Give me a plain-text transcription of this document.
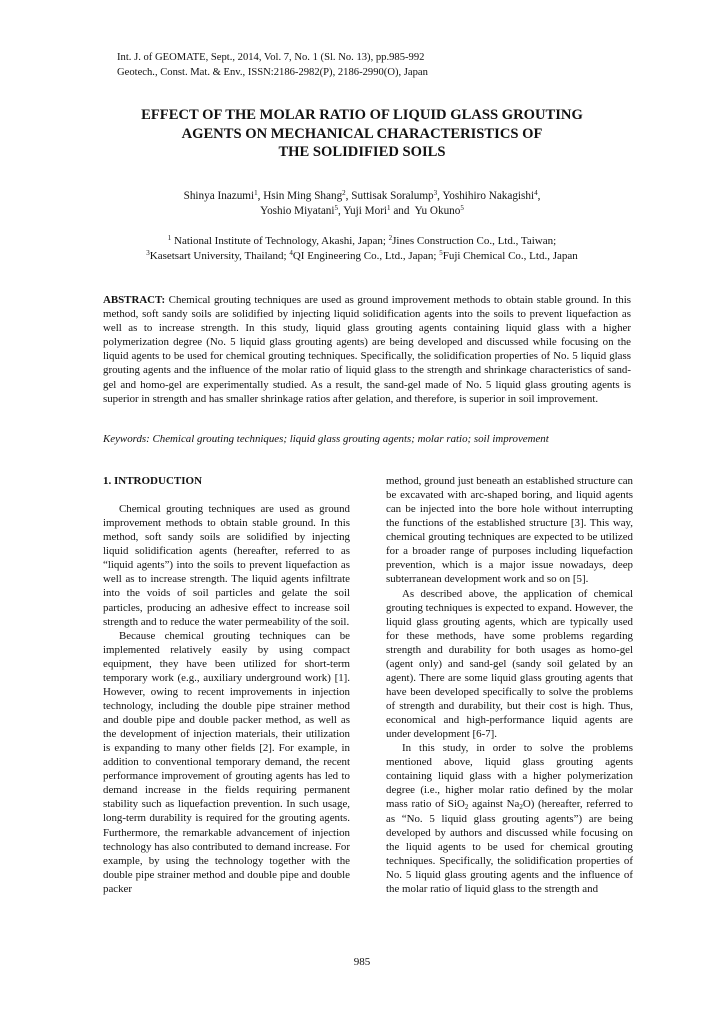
Int. J. of GEOMATE, Sept., 2014, Vol. 7, No. 1 (Sl. No. 13), pp.985-992
Geotech., Const. Mat. & Env., ISSN:2186-2982(P), 2186-2990(O), Japan
EFFECT OF THE MOLAR RATIO OF LIQUID GLASS GROUTING
AGENTS ON MECHANICAL CHARACTERISTICS OF
THE SOLIDIFIED SOILS
Shinya Inazumi$^1$, Hsin Ming Shang$^2$, Suttisak Soralump$^3$, Yoshihiro Nakagishi$^4$,
Yoshio Miyatani$^5$, Yuji Mori$^1$ and  Yu Okuno$^5$
$^1$ National Institute of Technology, Akashi, Japan; $^2$Jines Construction Co., Ltd., Taiwan;
$^3$Kasetsart University, Thailand; $^4$QI Engineering Co., Ltd., Japan; $^5$Fuji Chemical Co., Ltd., Japan
ABSTRACT: Chemical grouting techniques are used as ground improvement methods to obtain stable ground. In this method, soft sandy soils are solidified by injecting liquid solidification agents into the soils to prevent liquefaction as well as to increase strength. In this study, liquid glass grouting agents containing liquid glass with a higher polymerization degree (No. 5 liquid glass grouting agents) are being developed and discussed while focusing on the liquid agents to be used for chemical grouting techniques. Specifically, the solidification properties of No. 5 liquid glass grouting agents and the influence of the molar ratio of liquid glass to the strength and shrinkage characteristics of sand-gel and homo-gel are experimentally studied. As a result, the sand-gel made of No. 5 liquid glass grouting agents is superior in strength and has smaller shrinkage ratios after gelation, and therefore, is superior in soil improvement.
Keywords: Chemical grouting techniques; liquid glass grouting agents; molar ratio; soil improvement
1. INTRODUCTION

Chemical grouting techniques are used as ground improvement methods to obtain stable ground. In this method, soft sandy soils are solidified by injecting liquid solidification agents (hereafter, referred to as “liquid agents”) into the soils to prevent liquefaction as well as to increase strength. The liquid agents infiltrate into the voids of soil particles and gelate the soil particles, producing an adhesive effect to increase soil strength and to reduce the water permeability of the soil.

Because chemical grouting techniques can be implemented relatively easily by using compact equipment, they have been utilized for short-term temporary work (e.g., auxiliary underground work) [1]. However, owing to recent improvements in injection technology, including the double pipe strainer method and double pipe and double packer method, as well as the development of injection materials, their utilization is expanding to many other fields [2]. For example, in addition to conventional temporary demand, the recent performance improvement of grouting agents has led to demand increase in the fields requiring permanent stability such as liquefaction prevention. In such usage, long-term durability is required for the grouting agents. Furthermore, the remarkable advancement of injection technology has also contributed to demand increase. For example, by using the technology together with the double pipe strainer method and double pipe and double packer

method, ground just beneath an established structure can be excavated with arc-shaped boring, and liquid agents can be injected into the bore hole without interrupting the functions of the established structure [3]. This way, chemical grouting techniques are expected to be utilized for a broader range of purposes including liquefaction prevention, which is a major issue nowadays, deep subterranean development work and so on [5].

As described above, the application of chemical grouting techniques is expected to expand. However, the liquid glass grouting agents, which are typically used for these methods, have some problems regarding strength and durability for both usages as homo-gel (agent only) and sand-gel (sandy soil gelated by an agent). There are some liquid glass grouting agents that have been developed specifically to solve the problems of strength and durability, but their cost is high. Thus, economical and high-performance liquid agents are under development [6-7].

In this study, in order to solve the problems mentioned above, liquid glass grouting agents containing liquid glass with a higher polymerization degree (i.e., higher molar ratio defined by the molar mass ratio of SiO$_2$ against $Na_2O$) (hereafter, referred to as “No. 5 liquid glass grouting agents”) are being developed by authors and discussed while focusing on the liquid agents to be used for chemical grouting techniques. Specifically, the solidification properties of No. 5 liquid glass grouting agents and the influence of the molar ratio of liquid glass to the strength and

985
